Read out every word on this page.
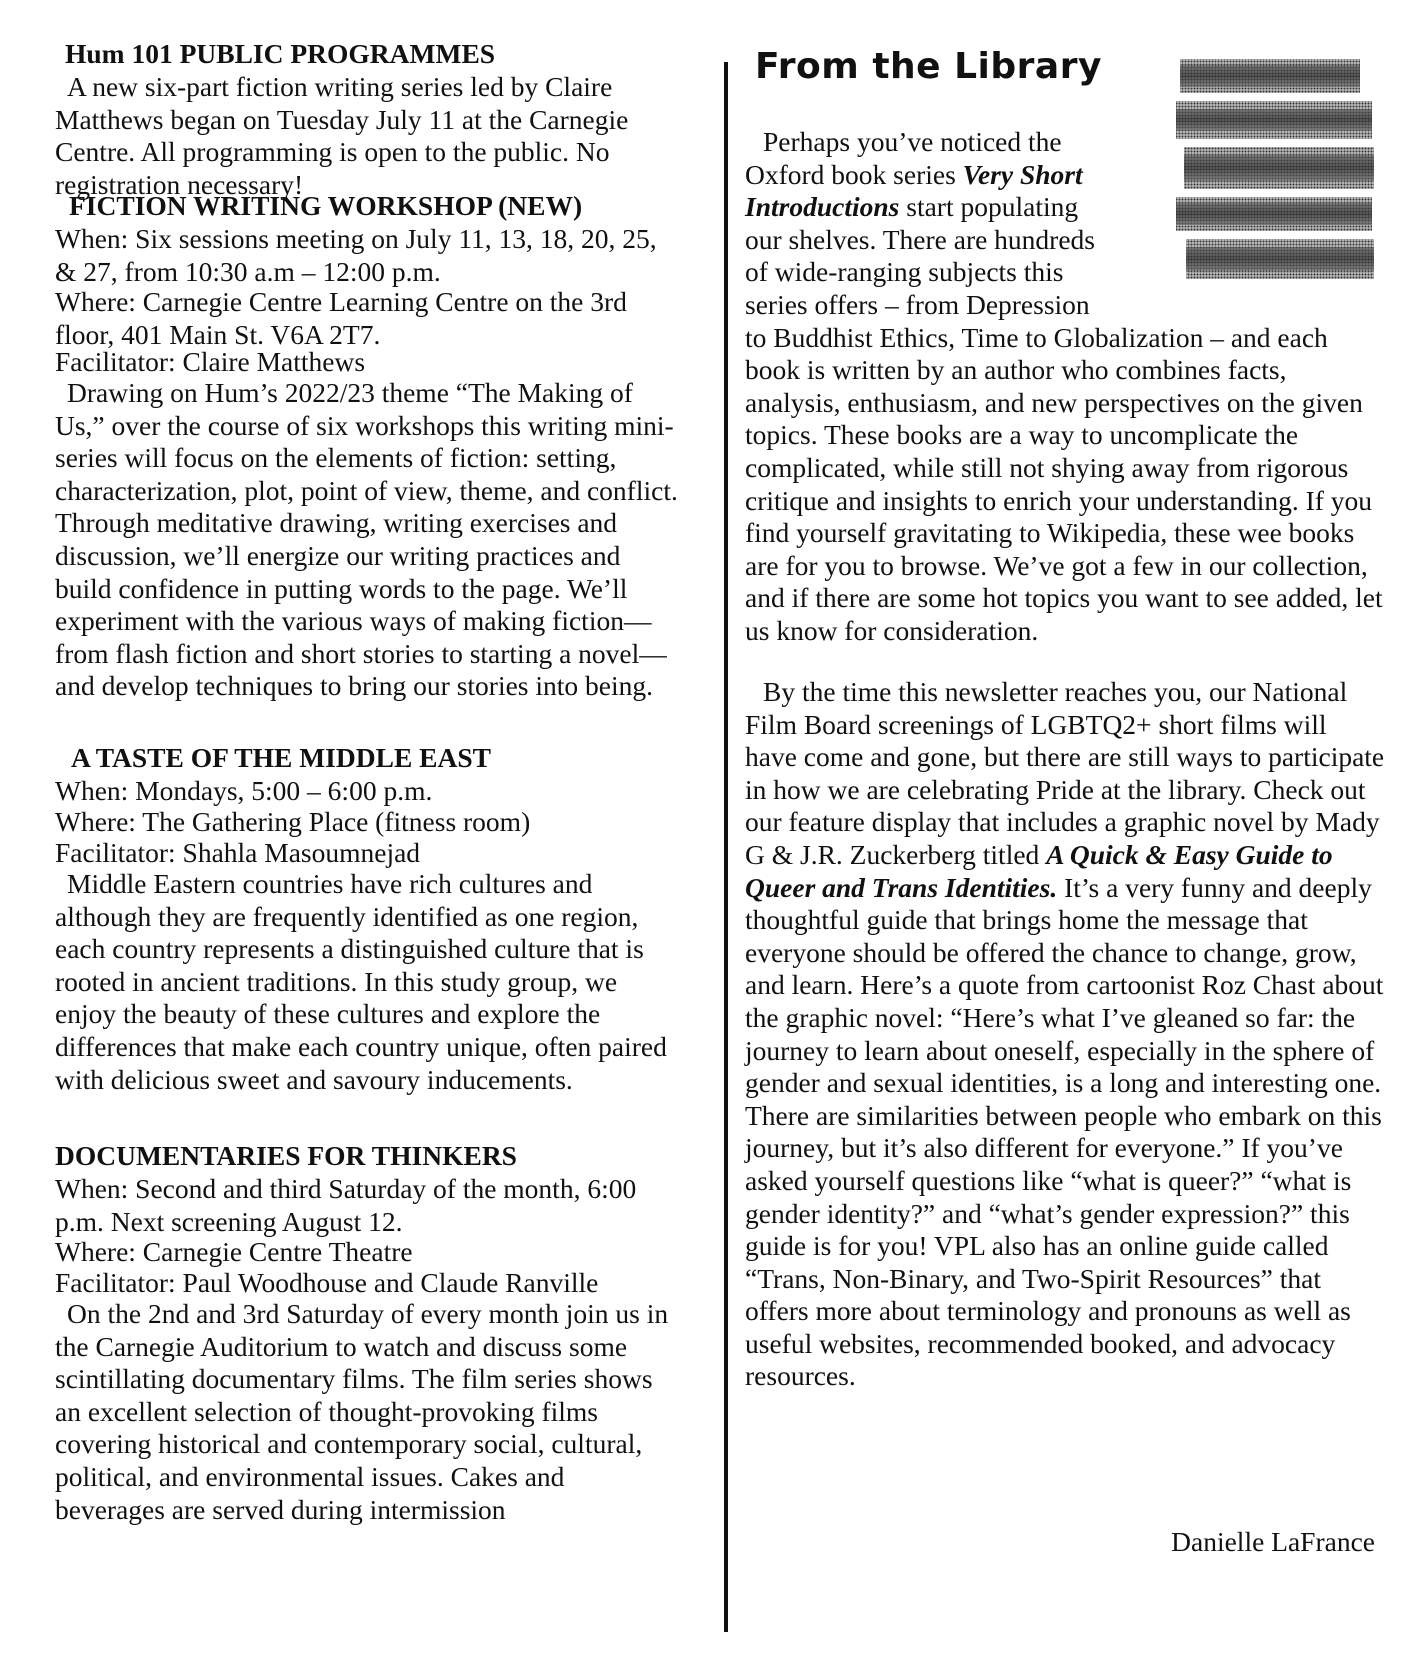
Hum 101 PUBLIC PROGRAMMES

A new six-part fiction writing series led by Claire Matthews began on Tuesday July 11 at the Carnegie Centre. All programming is open to the public. No registration necessary!

FICTION WRITING WORKSHOP (NEW)

When: Six sessions meeting on July 11, 13, 18, 20, 25, & 27, from 10:30 a.m – 12:00 p.m.

Where: Carnegie Centre Learning Centre on the 3rd floor, 401 Main St. V6A 2T7.

Facilitator: Claire Matthews

Drawing on Hum’s 2022/23 theme “The Making of Us,” over the course of six workshops this writing mini-series will focus on the elements of fiction: setting, characterization, plot, point of view, theme, and conflict. Through meditative drawing, writing exercises and discussion, we’ll energize our writing practices and build confidence in putting words to the page. We’ll experiment with the various ways of making fiction—from flash fiction and short stories to starting a novel—and develop techniques to bring our stories into being.

A TASTE OF THE MIDDLE EAST

When: Mondays, 5:00 – 6:00 p.m.

Where: The Gathering Place (fitness room)

Facilitator: Shahla Masoumnejad

Middle Eastern countries have rich cultures and although they are frequently identified as one region, each country represents a distinguished culture that is rooted in ancient traditions. In this study group, we enjoy the beauty of these cultures and explore the differences that make each country unique, often paired with delicious sweet and savoury inducements.

DOCUMENTARIES FOR THINKERS

When: Second and third Saturday of the month, 6:00 p.m. Next screening August 12.

Where: Carnegie Centre Theatre

Facilitator: Paul Woodhouse and Claude Ranville

On the 2nd and 3rd Saturday of every month join us in the Carnegie Auditorium to watch and discuss some scintillating documentary films. The film series shows an excellent selection of thought-provoking films covering historical and contemporary social, cultural, political, and environmental issues. Cakes and beverages are served during intermission

From the Library

Perhaps you’ve noticed the Oxford book series Very Short Introductions start populating our shelves. There are hundreds of wide-ranging subjects this series offers – from Depression to Buddhist Ethics, Time to Globalization – and each book is written by an author who combines facts, analysis, enthusiasm, and new perspectives on the given topics. These books are a way to uncomplicate the complicated, while still not shying away from rigorous critique and insights to enrich your understanding. If you find yourself gravitating to Wikipedia, these wee books are for you to browse. We’ve got a few in our collection, and if there are some hot topics you want to see added, let us know for consideration.

By the time this newsletter reaches you, our National Film Board screenings of LGBTQ2+ short films will have come and gone, but there are still ways to participate in how we are celebrating Pride at the library. Check out our feature display that includes a graphic novel by Mady G & J.R. Zuckerberg titled A Quick & Easy Guide to Queer and Trans Identities. It’s a very funny and deeply thoughtful guide that brings home the message that everyone should be offered the chance to change, grow, and learn. Here’s a quote from cartoonist Roz Chast about the graphic novel: “Here’s what I’ve gleaned so far: the journey to learn about oneself, especially in the sphere of gender and sexual identities, is a long and interesting one. There are similarities between people who embark on this journey, but it’s also different for everyone.” If you’ve asked yourself questions like “what is queer?” “what is gender identity?” and “what’s gender expression?” this guide is for you! VPL also has an online guide called “Trans, Non-Binary, and Two-Spirit Resources” that offers more about terminology and pronouns as well as useful websites, recommended booked, and advocacy resources.

Danielle LaFrance
